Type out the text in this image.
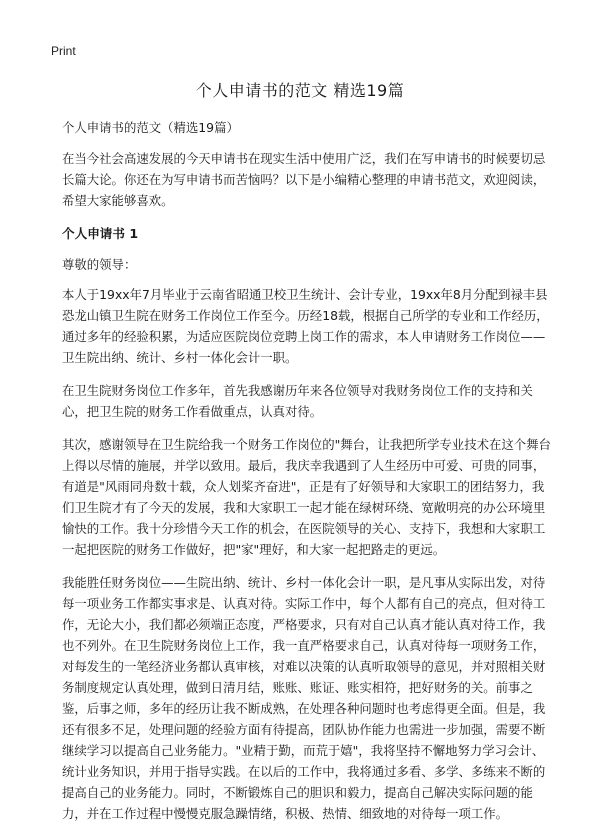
Print
个人申请书的范文 精选19篇

个人申请书的范文（精选19篇）

在当今社会高速发展的今天申请书在现实生活中使用广泛，我们在写申请书的时候要切忌长篇大论。你还在为写申请书而苦恼吗？以下是小编精心整理的申请书范文，欢迎阅读，希望大家能够喜欢。

个人申请书 1

尊敬的领导：

本人于19xx年7月毕业于云南省昭通卫校卫生统计、会计专业，19xx年8月分配到禄丰县恐龙山镇卫生院在财务工作岗位工作至今。历经18载，根据自己所学的专业和工作经历，通过多年的经验积累，为适应医院岗位竞聘上岗工作的需求，本人申请财务工作岗位——卫生院出纳、统计、乡村一体化会计一职。

在卫生院财务岗位工作多年，首先我感谢历年来各位领导对我财务岗位工作的支持和关心，把卫生院的财务工作看做重点，认真对待。

其次，感谢领导在卫生院给我一个财务工作岗位的"舞台，让我把所学专业技术在这个舞台上得以尽情的施展，并学以致用。最后，我庆幸我遇到了人生经历中可爱、可贵的同事，有道是"风雨同舟数十载，众人划桨齐奋进"，正是有了好领导和大家职工的团结努力，我们卫生院才有了今天的发展，我和大家职工一起才能在绿树环绕、宽敞明亮的办公环境里愉快的工作。我十分珍惜今天工作的机会，在医院领导的关心、支持下，我想和大家职工一起把医院的财务工作做好，把"家"理好，和大家一起把路走的更远。

我能胜任财务岗位——生院出纳、统计、乡村一体化会计一职，是凡事从实际出发，对待每一项业务工作都实事求是、认真对待。实际工作中，每个人都有自己的亮点，但对待工作，无论大小，我们都必须端正态度，严格要求，只有对自己认真才能认真对待工作，我也不列外。在卫生院财务岗位上工作，我一直严格要求自己，认真对待每一项财务工作，对每发生的一笔经济业务都认真审核，对难以决策的认真听取领导的意见，并对照相关财务制度规定认真处理，做到日清月结，账账、账证、账实相符，把好财务的关。前事之鉴，后事之师，多年的经历让我不断成熟，在处理各种问题时也考虑得更全面。但是，我还有很多不足，处理问题的经验方面有待提高，团队协作能力也需进一步加强，需要不断继续学习以提高自己业务能力。"业精于勤，而荒于嬉"，我将坚持不懈地努力学习会计、统计业务知识，并用于指导实践。在以后的工作中，我将通过多看、多学、多练来不断的提高自己的业务能力。同时，不断锻炼自己的胆识和毅力，提高自己解决实际问题的能力，并在工作过程中慢慢克服急躁情绪，积极、热情、细致地的对待每一项工作。
